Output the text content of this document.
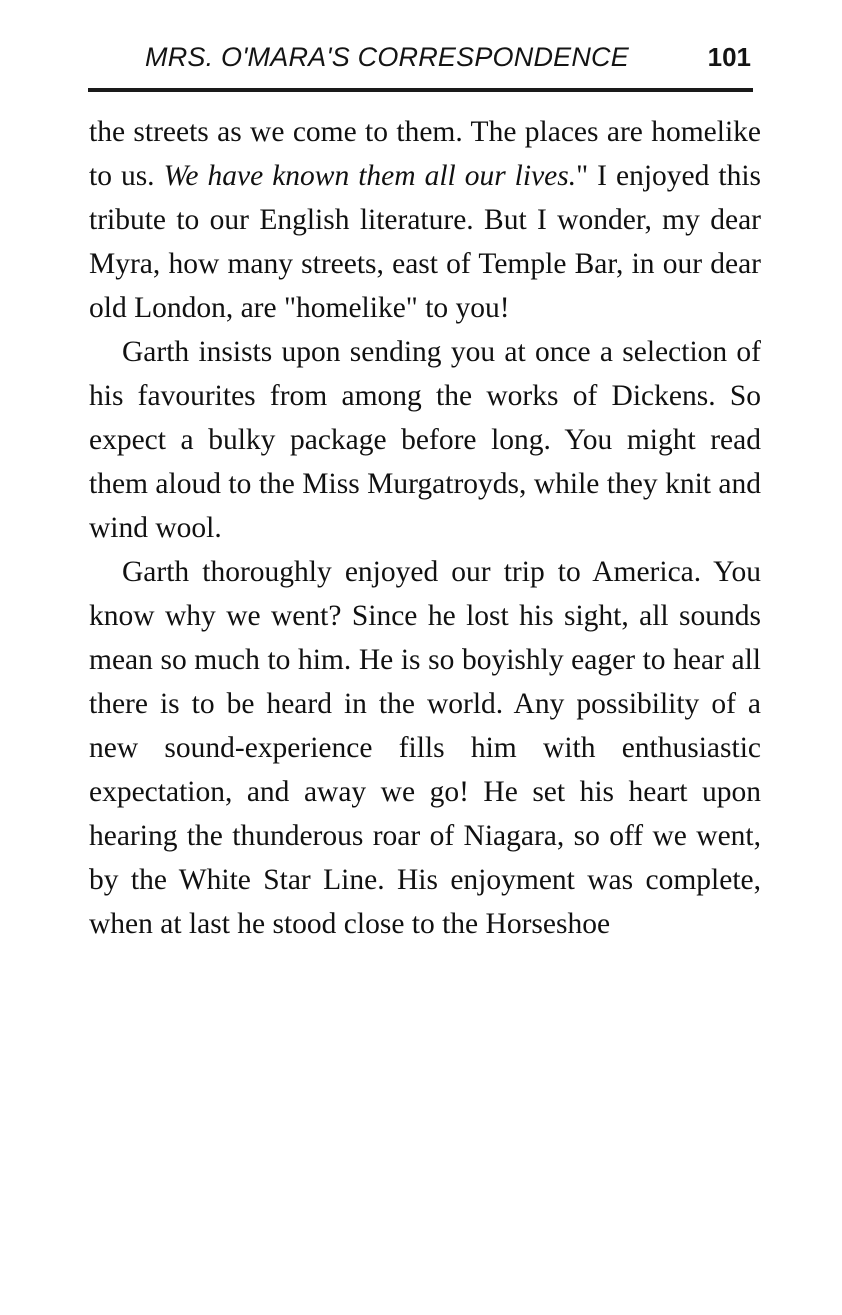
MRS. O'MARA'S CORRESPONDENCE	101

the streets as we come to them. The places are homelike to us. We have known them all our lives." I enjoyed this tribute to our English literature. But I wonder, my dear Myra, how many streets, east of Temple Bar, in our dear old London, are "homelike" to you!

Garth insists upon sending you at once a selection of his favourites from among the works of Dickens. So expect a bulky package before long. You might read them aloud to the Miss Murgatroyds, while they knit and wind wool.

Garth thoroughly enjoyed our trip to America. You know why we went? Since he lost his sight, all sounds mean so much to him. He is so boyishly eager to hear all there is to be heard in the world. Any possibility of a new sound-experience fills him with enthusiastic expectation, and away we go! He set his heart upon hearing the thunderous roar of Niagara, so off we went, by the White Star Line. His enjoyment was complete, when at last he stood close to the Horseshoe
